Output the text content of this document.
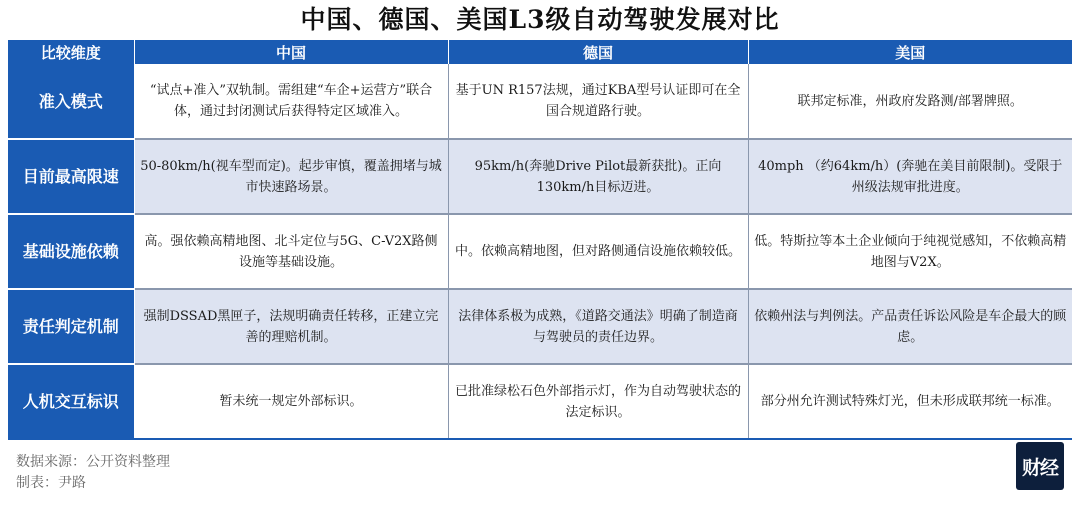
中国、德国、美国L3级自动驾驶发展对比
比较维度	中国	德国	美国
准入模式	“试点+准入”双轨制。需组建“车企+运营方”联合体，通过封闭测试后获得特定区域准入。	基于UN R157法规，通过KBA型号认证即可在全国合规道路行驶。	联邦定标准，州政府发路测/部署牌照。
目前最高限速	50-80km/h(视车型而定)。起步审慎，覆盖拥堵与城市快速路场景。	95km/h(奔驰Drive Pilot最新获批)。正向130km/h目标迈进。	40mph （约64km/h）(奔驰在美目前限制)。受限于州级法规审批进度。
基础设施依赖	高。强依赖高精地图、北斗定位与5G、C-V2X路侧设施等基础设施。	中。依赖高精地图，但对路侧通信设施依赖较低。	低。特斯拉等本土企业倾向于纯视觉感知，不依赖高精地图与V2X。
责任判定机制	强制DSSAD黑匣子，法规明确责任转移，正建立完善的理赔机制。	法律体系极为成熟，《道路交通法》明确了制造商与驾驶员的责任边界。	依赖州法与判例法。产品责任诉讼风险是车企最大的顾虑。
人机交互标识	暂未统一规定外部标识。	已批准绿松石色外部指示灯，作为自动驾驶状态的法定标识。	部分州允许测试特殊灯光，但未形成联邦统一标准。
数据来源：公开资料整理
制表：尹路
财经
